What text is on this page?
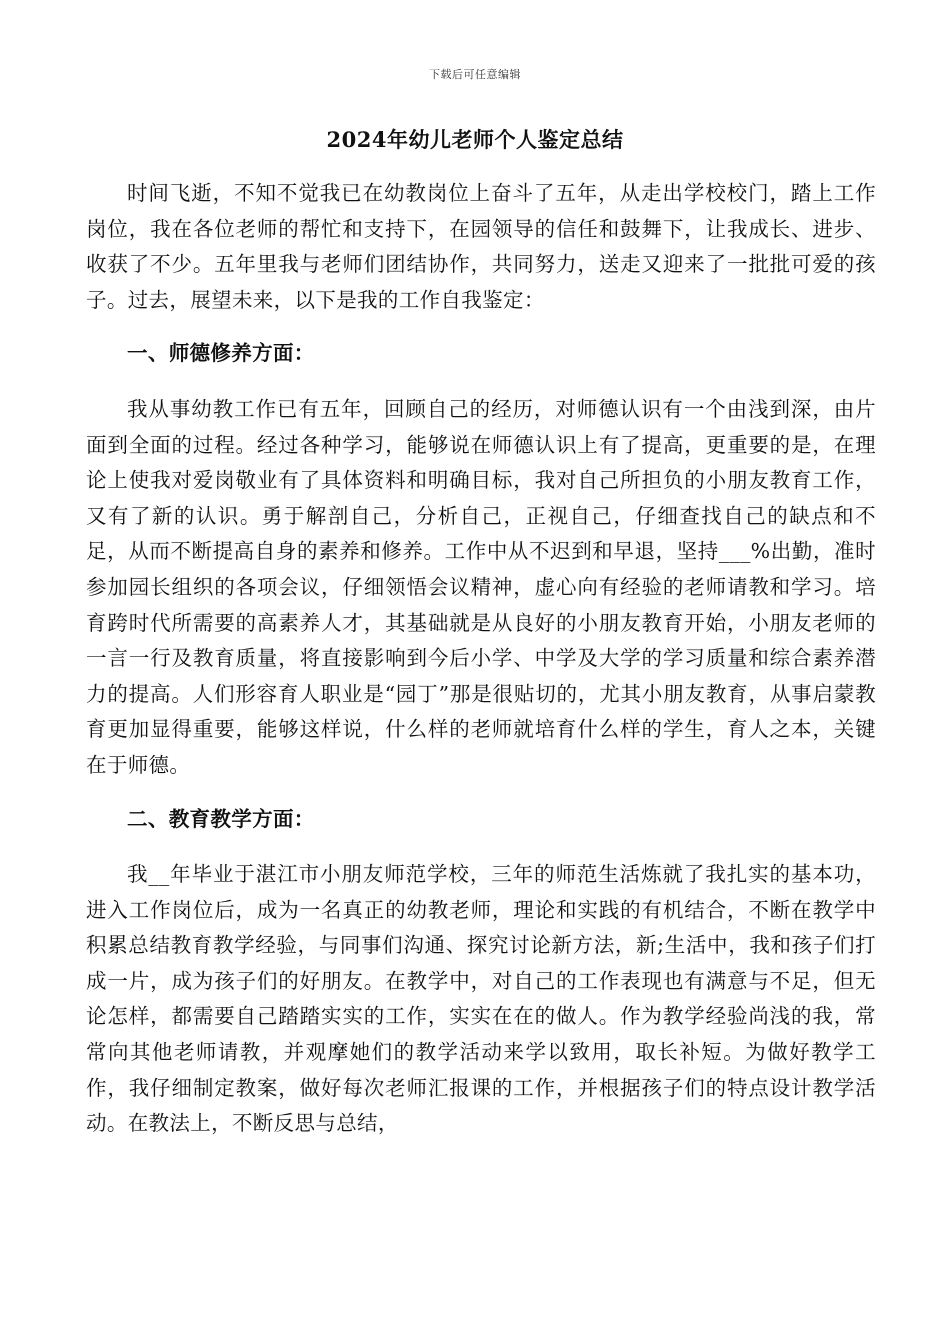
下载后可任意编辑
2024年幼儿老师个人鉴定总结

时间飞逝，不知不觉我已在幼教岗位上奋斗了五年，从走出学校校门，踏上工作岗位，我在各位老师的帮忙和支持下，在园领导的信任和鼓舞下，让我成长、进步、收获了不少。五年里我与老师们团结协作，共同努力，送走又迎来了一批批可爱的孩子。过去，展望未来，以下是我的工作自我鉴定：

一、师德修养方面：

我从事幼教工作已有五年，回顾自己的经历，对师德认识有一个由浅到深，由片面到全面的过程。经过各种学习，能够说在师德认识上有了提高，更重要的是，在理论上使我对爱岗敬业有了具体资料和明确目标，我对自己所担负的小朋友教育工作，又有了新的认识。勇于解剖自己，分析自己，正视自己，仔细查找自己的缺点和不足，从而不断提高自身的素养和修养。工作中从不迟到和早退，坚持___%出勤，准时参加园长组织的各项会议，仔细领悟会议精神，虚心向有经验的老师请教和学习。培育跨时代所需要的高素养人才，其基础就是从良好的小朋友教育开始，小朋友老师的一言一行及教育质量，将直接影响到今后小学、中学及大学的学习质量和综合素养潜力的提高。人们形容育人职业是“园丁”那是很贴切的，尤其小朋友教育，从事启蒙教育更加显得重要，能够这样说，什么样的老师就培育什么样的学生，育人之本，关键在于师德。

二、教育教学方面：

我__年毕业于湛江市小朋友师范学校，三年的师范生活炼就了我扎实的基本功，进入工作岗位后，成为一名真正的幼教老师，理论和实践的有机结合，不断在教学中积累总结教育教学经验，与同事们沟通、探究讨论新方法，新;生活中，我和孩子们打成一片，成为孩子们的好朋友。在教学中，对自己的工作表现也有满意与不足，但无论怎样，都需要自己踏踏实实的工作，实实在在的做人。作为教学经验尚浅的我，常常向其他老师请教，并观摩她们的教学活动来学以致用，取长补短。为做好教学工作，我仔细制定教案，做好每次老师汇报课的工作，并根据孩子们的特点设计教学活动。在教法上，不断反思与总结，
